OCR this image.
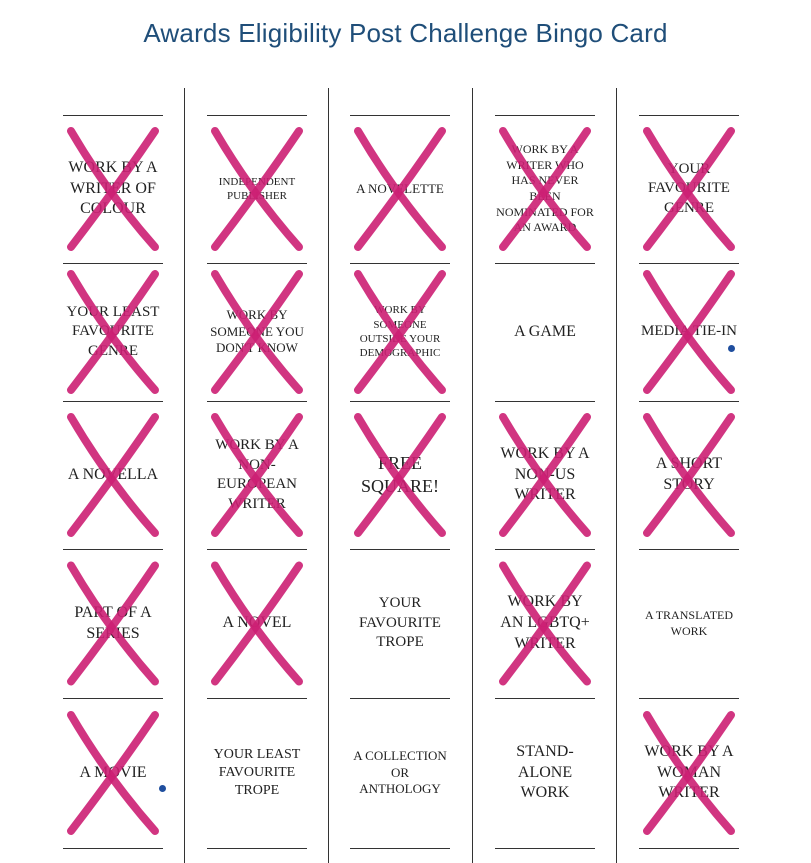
Awards Eligibility Post Challenge Bingo Card
WORK BY A WRITER OF COLOUR
INDEPENDENT PUBLISHER
A NOVELETTE
WORK BY A WRITER WHO HAS NEVER BEEN NOMINATED FOR AN AWARD
YOUR FAVOURITE GENRE
YOUR LEAST FAVOURITE GENRE
WORK BY SOMEONE YOU DON'T KNOW
WORK BY SOMEONE OUTSIDE YOUR DEMOGRAPHIC
A GAME	MEDIA TIE-IN
A NOVELLA
WORK BY A NON-EUROPEAN WRITER
FREE SQUARE!
WORK BY A NON-US WRITER
A SHORT STORY
PART OF A SERIES
A NOVEL
YOUR FAVOURITE TROPE
WORK BY AN LGBTQ+ WRITER
A TRANSLATED WORK
A MOVIE
YOUR LEAST FAVOURITE TROPE
A COLLECTION OR ANTHOLOGY
STAND-ALONE WORK
WORK BY A WOMAN WRITER
